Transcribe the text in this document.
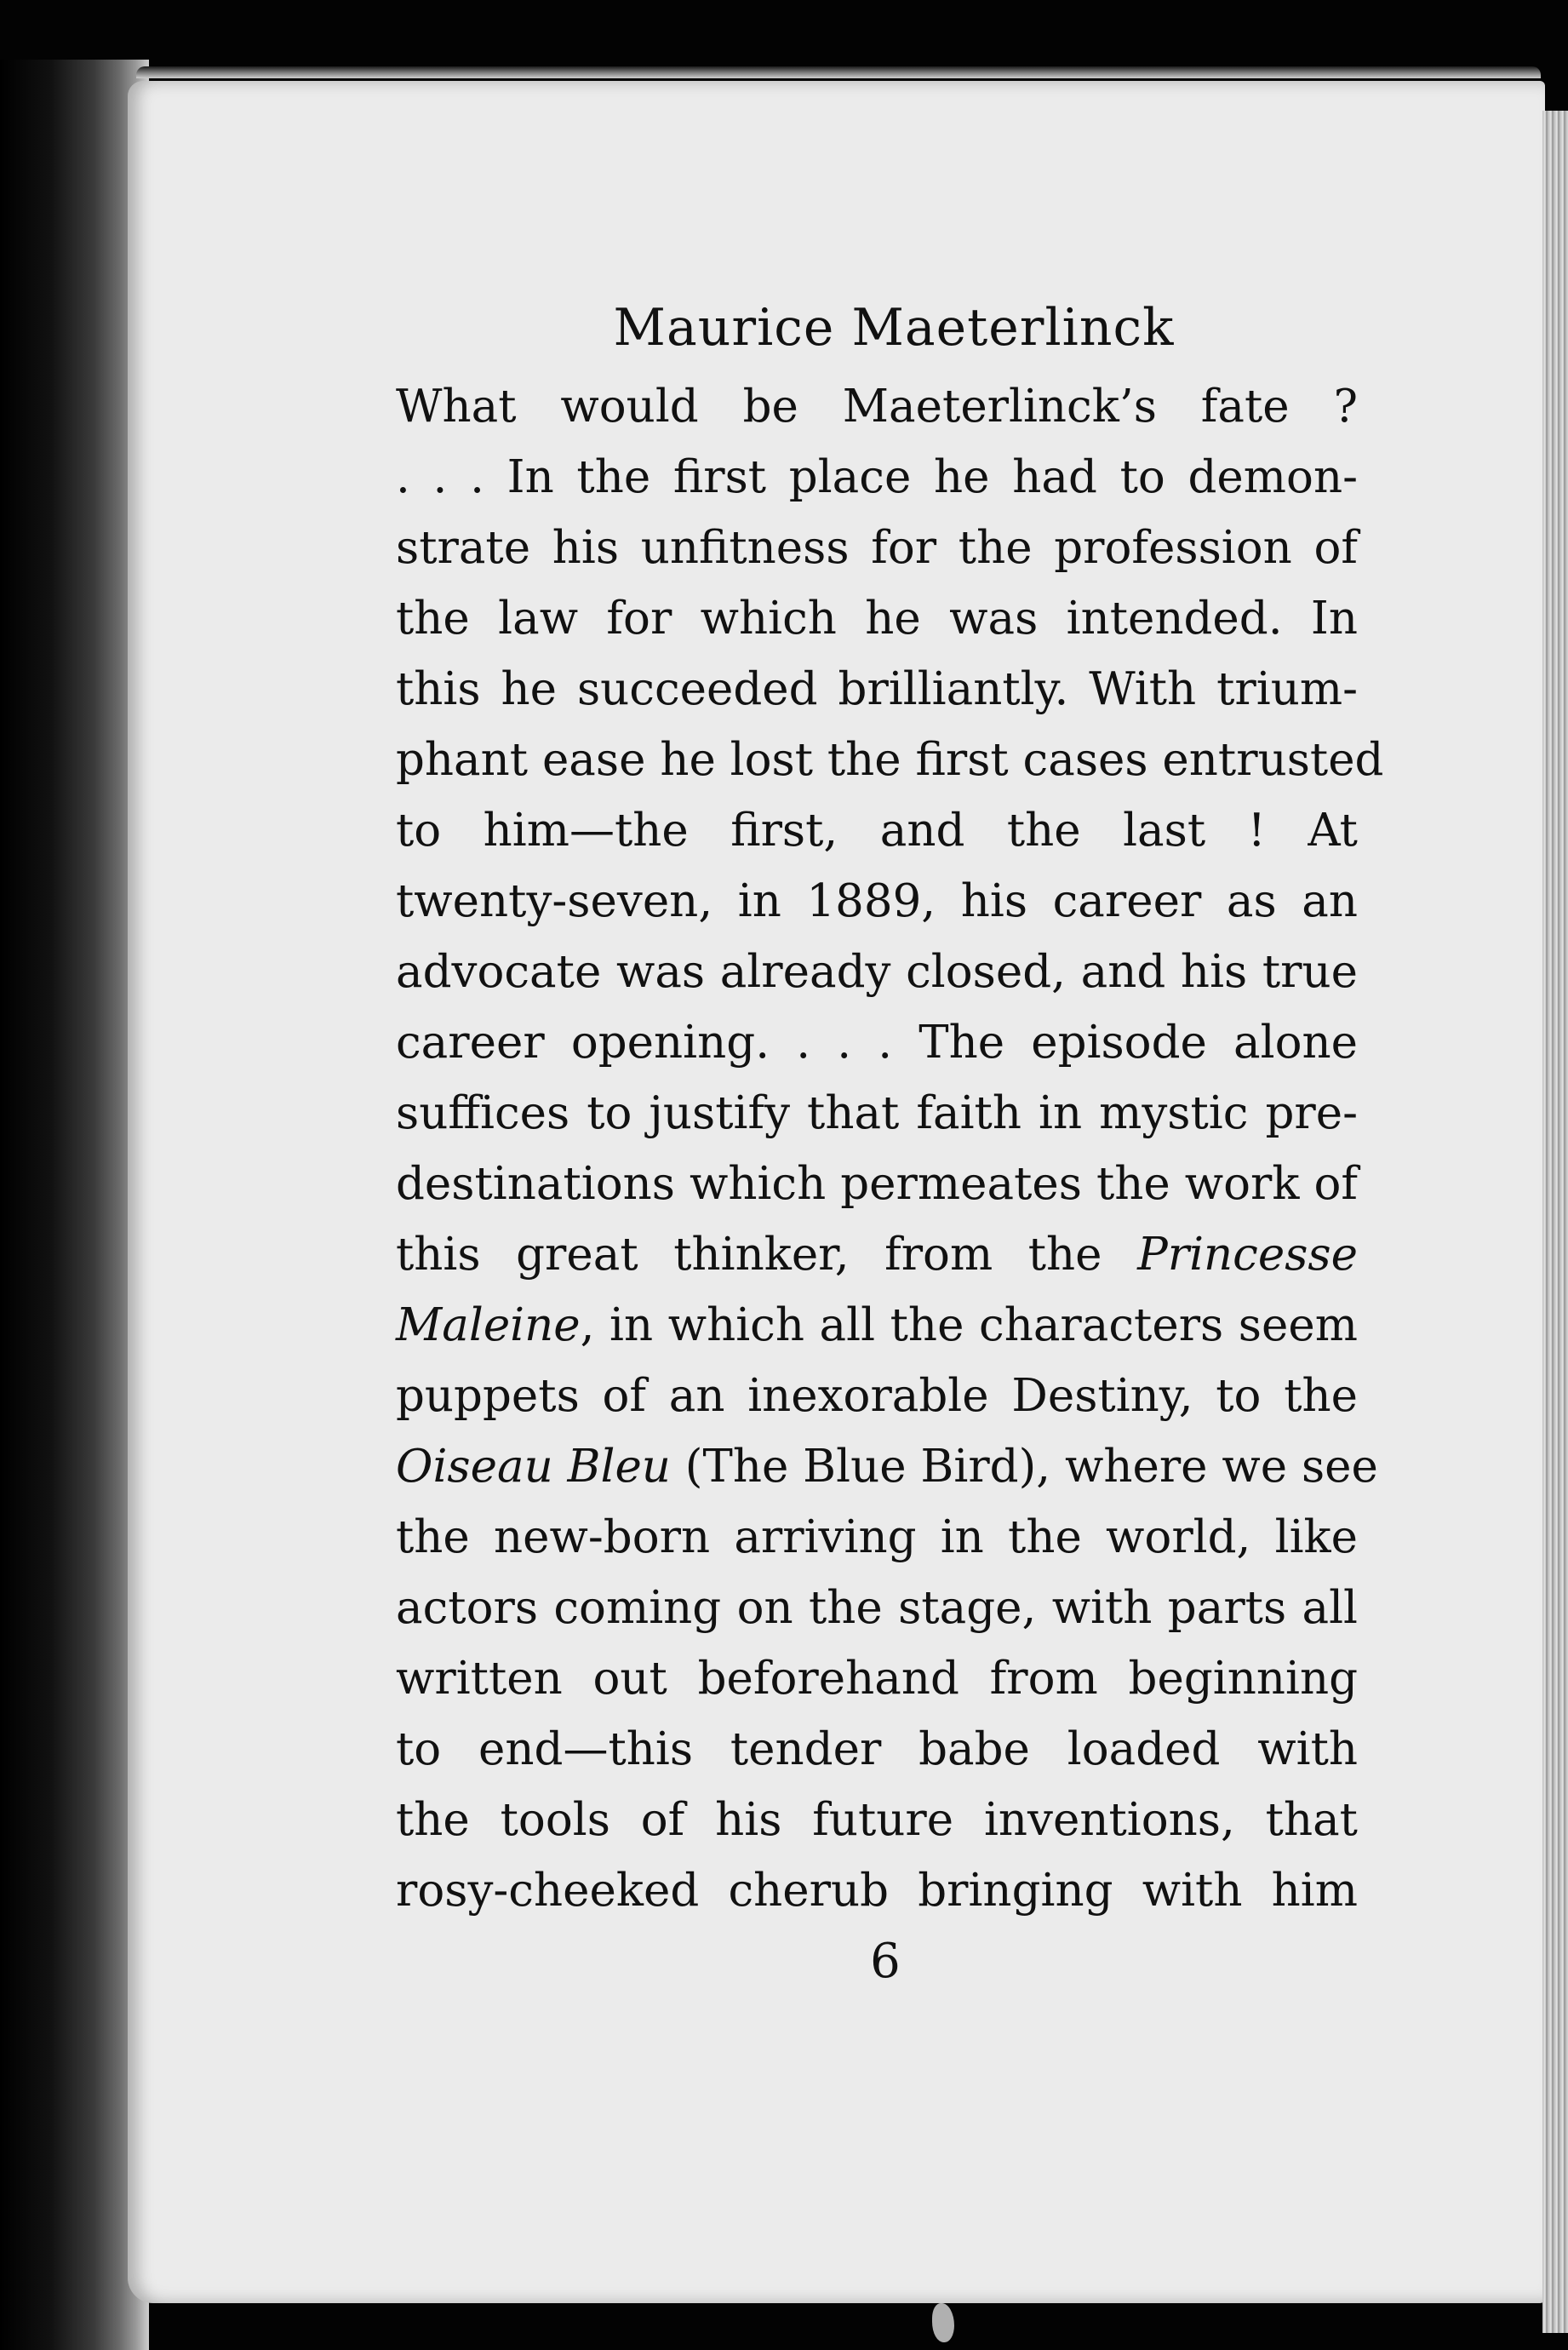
Maurice Maeterlinck
What would be Maeterlinck’s fate ?
. . . In the first place he had to demon-
strate his unfitness for the profession of
the law for which he was intended. In
this he succeeded brilliantly. With trium-
phant ease he lost the first cases entrusted
to him—the first, and the last ! At
twenty-seven, in 1889, his career as an
advocate was already closed, and his true
career opening. . . . The episode alone
suffices to justify that faith in mystic pre-
destinations which permeates the work of
this great thinker, from the Princesse
Maleine, in which all the characters seem
puppets of an inexorable Destiny, to the
Oiseau Bleu (The Blue Bird), where we see
the new-born arriving in the world, like
actors coming on the stage, with parts all
written out beforehand from beginning
to end—this tender babe loaded with
the tools of his future inventions, that
rosy-cheeked cherub bringing with him
6
